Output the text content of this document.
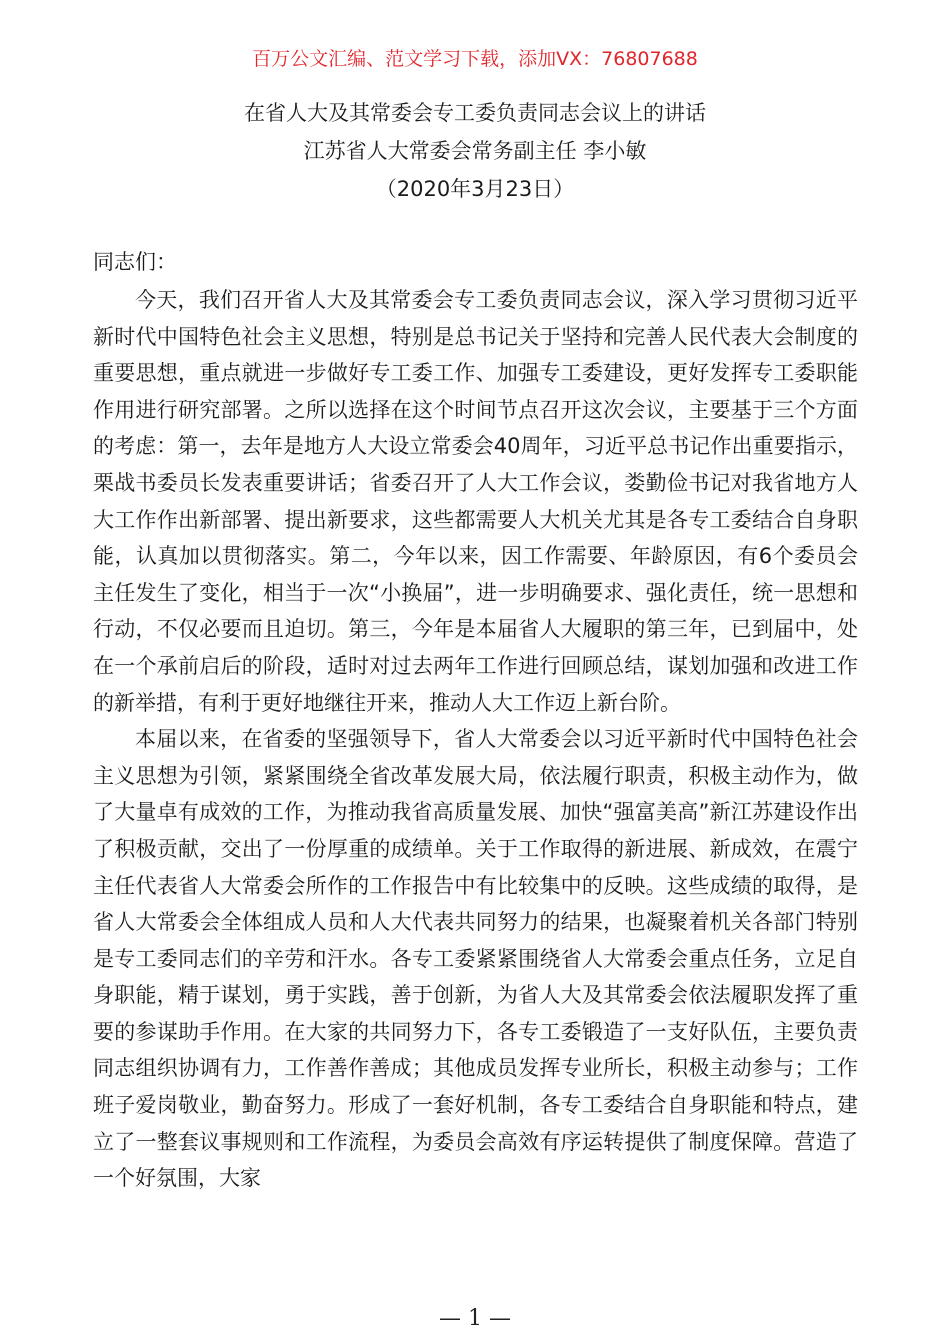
百万公文汇编、范文学习下载，添加VX：76807688
在省人大及其常委会专工委负责同志会议上的讲话
江苏省人大常委会常务副主任 李小敏
（2020年3月23日）
同志们：

今天，我们召开省人大及其常委会专工委负责同志会议，深入学习贯彻习近平新时代中国特色社会主义思想，特别是总书记关于坚持和完善人民代表大会制度的重要思想，重点就进一步做好专工委工作、加强专工委建设，更好发挥专工委职能作用进行研究部署。之所以选择在这个时间节点召开这次会议，主要基于三个方面的考虑：第一，去年是地方人大设立常委会40周年，习近平总书记作出重要指示，栗战书委员长发表重要讲话；省委召开了人大工作会议，娄勤俭书记对我省地方人大工作作出新部署、提出新要求，这些都需要人大机关尤其是各专工委结合自身职能，认真加以贯彻落实。第二，今年以来，因工作需要、年龄原因，有6个委员会主任发生了变化，相当于一次“小换届”，进一步明确要求、强化责任，统一思想和行动，不仅必要而且迫切。第三，今年是本届省人大履职的第三年，已到届中，处在一个承前启后的阶段，适时对过去两年工作进行回顾总结，谋划加强和改进工作的新举措，有利于更好地继往开来，推动人大工作迈上新台阶。

本届以来，在省委的坚强领导下，省人大常委会以习近平新时代中国特色社会主义思想为引领，紧紧围绕全省改革发展大局，依法履行职责，积极主动作为，做了大量卓有成效的工作，为推动我省高质量发展、加快“强富美高”新江苏建设作出了积极贡献，交出了一份厚重的成绩单。关于工作取得的新进展、新成效，在震宁主任代表省人大常委会所作的工作报告中有比较集中的反映。这些成绩的取得，是省人大常委会全体组成人员和人大代表共同努力的结果，也凝聚着机关各部门特别是专工委同志们的辛劳和汗水。各专工委紧紧围绕省人大常委会重点任务，立足自身职能，精于谋划，勇于实践，善于创新，为省人大及其常委会依法履职发挥了重要的参谋助手作用。在大家的共同努力下，各专工委锻造了一支好队伍，主要负责同志组织协调有力，工作善作善成；其他成员发挥专业所长，积极主动参与；工作班子爱岗敬业，勤奋努力。形成了一套好机制，各专工委结合自身职能和特点，建立了一整套议事规则和工作流程，为委员会高效有序运转提供了制度保障。营造了一个好氛围，大家

— 1 —
